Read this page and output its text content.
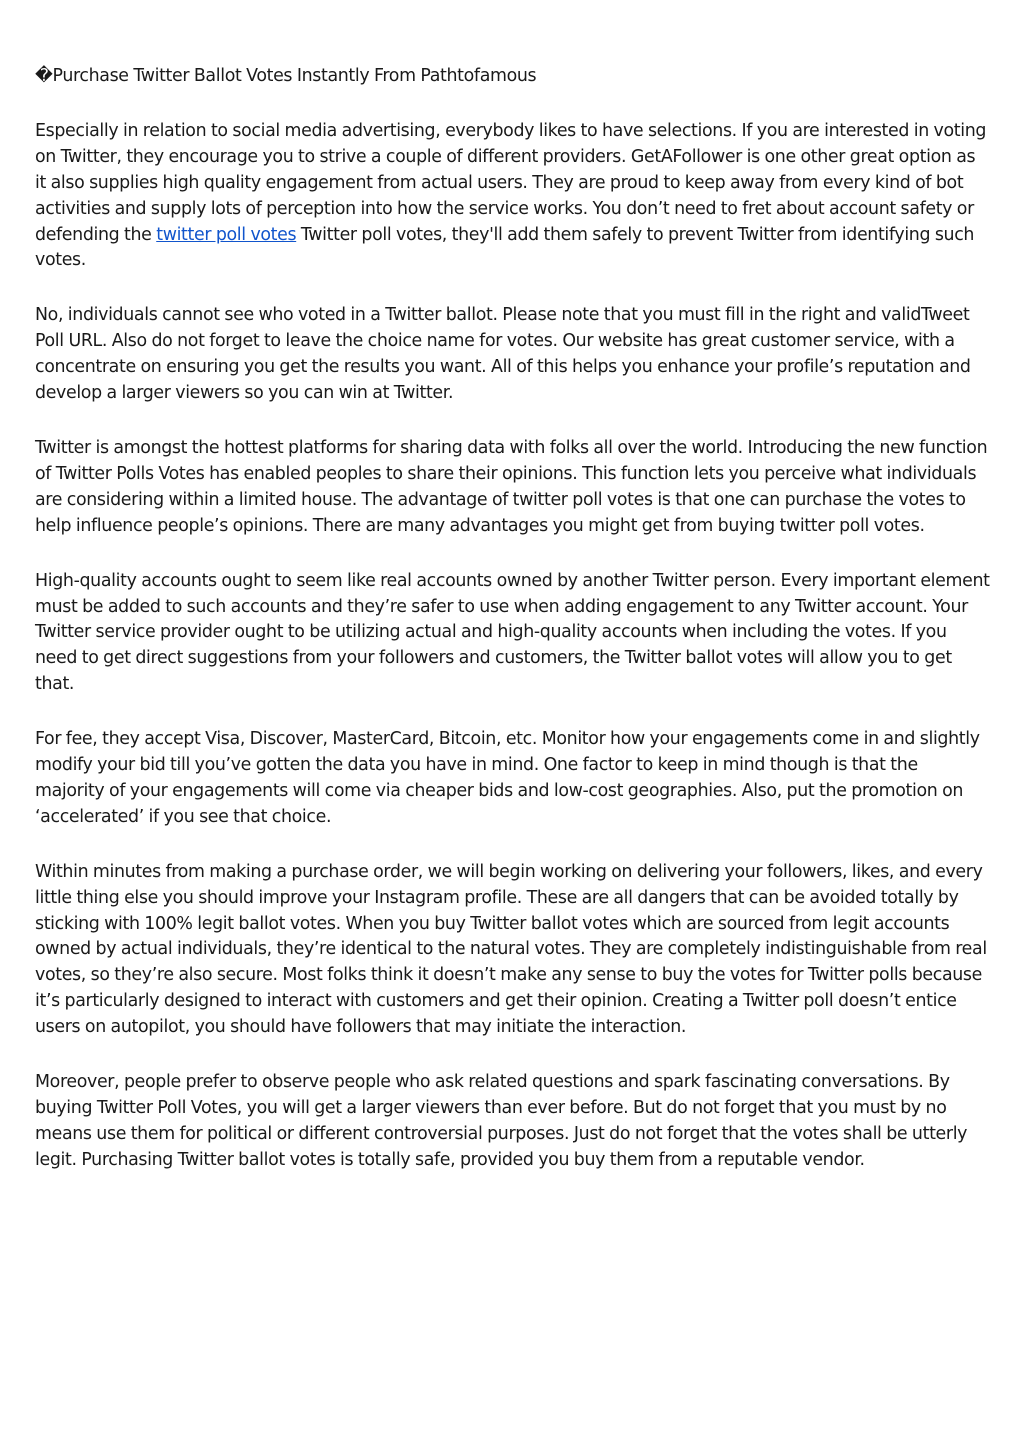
�Purchase Twitter Ballot Votes Instantly From Pathtofamous

Especially in relation to social media advertising, everybody likes to have selections. If you are interested in voting on Twitter, they encourage you to strive a couple of different providers. GetAFollower is one other great option as it also supplies high quality engagement from actual users. They are proud to keep away from every kind of bot activities and supply lots of perception into how the service works. You don’t need to fret about account safety or defending the twitter poll votes Twitter poll votes, they'll add them safely to prevent Twitter from identifying such votes.

No, individuals cannot see who voted in a Twitter ballot. Please note that you must fill in the right and validTweet Poll URL. Also do not forget to leave the choice name for votes. Our website has great customer service, with a concentrate on ensuring you get the results you want. All of this helps you enhance your profile’s reputation and develop a larger viewers so you can win at Twitter.

Twitter is amongst the hottest platforms for sharing data with folks all over the world. Introducing the new function of Twitter Polls Votes has enabled peoples to share their opinions. This function lets you perceive what individuals are considering within a limited house. The advantage of twitter poll votes is that one can purchase the votes to help influence people’s opinions. There are many advantages you might get from buying twitter poll votes.

High-quality accounts ought to seem like real accounts owned by another Twitter person. Every important element must be added to such accounts and they’re safer to use when adding engagement to any Twitter account. Your Twitter service provider ought to be utilizing actual and high-quality accounts when including the votes. If you need to get direct suggestions from your followers and customers, the Twitter ballot votes will allow you to get that.

For fee, they accept Visa, Discover, MasterCard, Bitcoin, etc. Monitor how your engagements come in and slightly modify your bid till you’ve gotten the data you have in mind. One factor to keep in mind though is that the majority of your engagements will come via cheaper bids and low-cost geographies. Also, put the promotion on ‘accelerated’ if you see that choice.

Within minutes from making a purchase order, we will begin working on delivering your followers, likes, and every little thing else you should improve your Instagram profile. These are all dangers that can be avoided totally by sticking with 100% legit ballot votes. When you buy Twitter ballot votes which are sourced from legit accounts owned by actual individuals, they’re identical to the natural votes. They are completely indistinguishable from real votes, so they’re also secure. Most folks think it doesn’t make any sense to buy the votes for Twitter polls because it’s particularly designed to interact with customers and get their opinion. Creating a Twitter poll doesn’t entice users on autopilot, you should have followers that may initiate the interaction.

Moreover, people prefer to observe people who ask related questions and spark fascinating conversations. By buying Twitter Poll Votes, you will get a larger viewers than ever before. But do not forget that you must by no means use them for political or different controversial purposes. Just do not forget that the votes shall be utterly legit. Purchasing Twitter ballot votes is totally safe, provided you buy them from a reputable vendor.
